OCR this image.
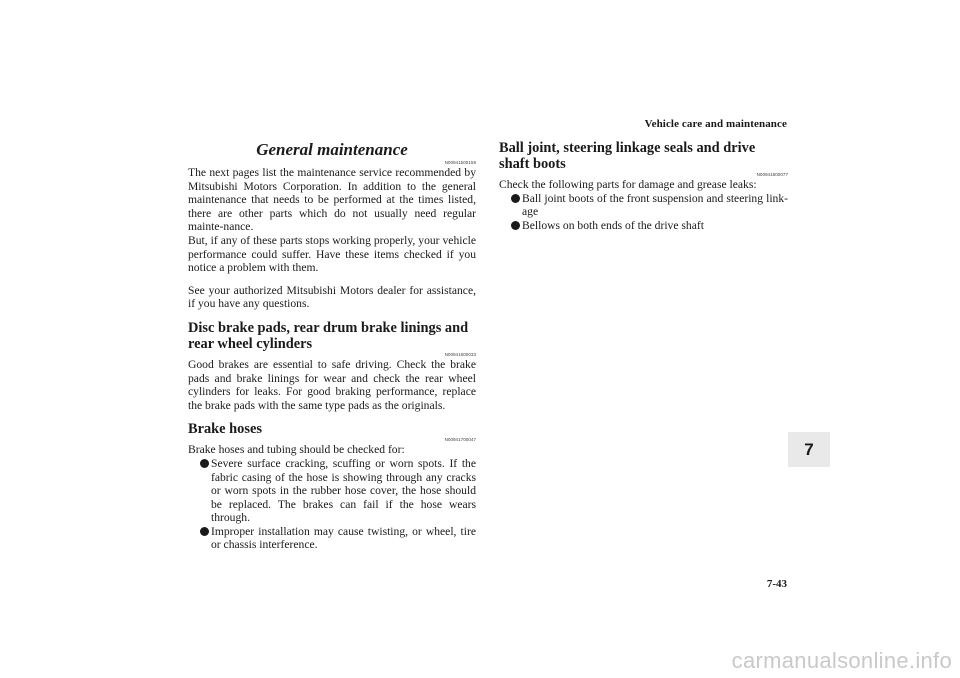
Vehicle care and maintenance
General maintenance
N00941500159

The next pages list the maintenance service recommended by Mitsubishi Motors Corporation. In addition to the general maintenance that needs to be performed at the times listed, there are other parts which do not usually need regular mainte-nance.

But, if any of these parts stops working properly, your vehicle performance could suffer. Have these items checked if you notice a problem with them.

See your authorized Mitsubishi Motors dealer for assistance, if you have any questions.

Disc brake pads, rear drum brake linings and rear wheel cylinders
N00941600033

Good brakes are essential to safe driving. Check the brake pads and brake linings for wear and check the rear wheel cylinders for leaks. For good braking performance, replace the brake pads with the same type pads as the originals.

Brake hoses
N00941700047

Brake hoses and tubing should be checked for:

Severe surface cracking, scuffing or worn spots. If the fabric casing of the hose is showing through any cracks or worn spots in the rubber hose cover, the hose should be replaced. The brakes can fail if the hose wears through.
Improper installation may cause twisting, or wheel, tire or chassis interference.
Ball joint, steering linkage seals and drive shaft boots
N00941800077

Check the following parts for damage and grease leaks:

Ball joint boots of the front suspension and steering link-age
Bellows on both ends of the drive shaft
7
7-43
carmanualsonline.info
